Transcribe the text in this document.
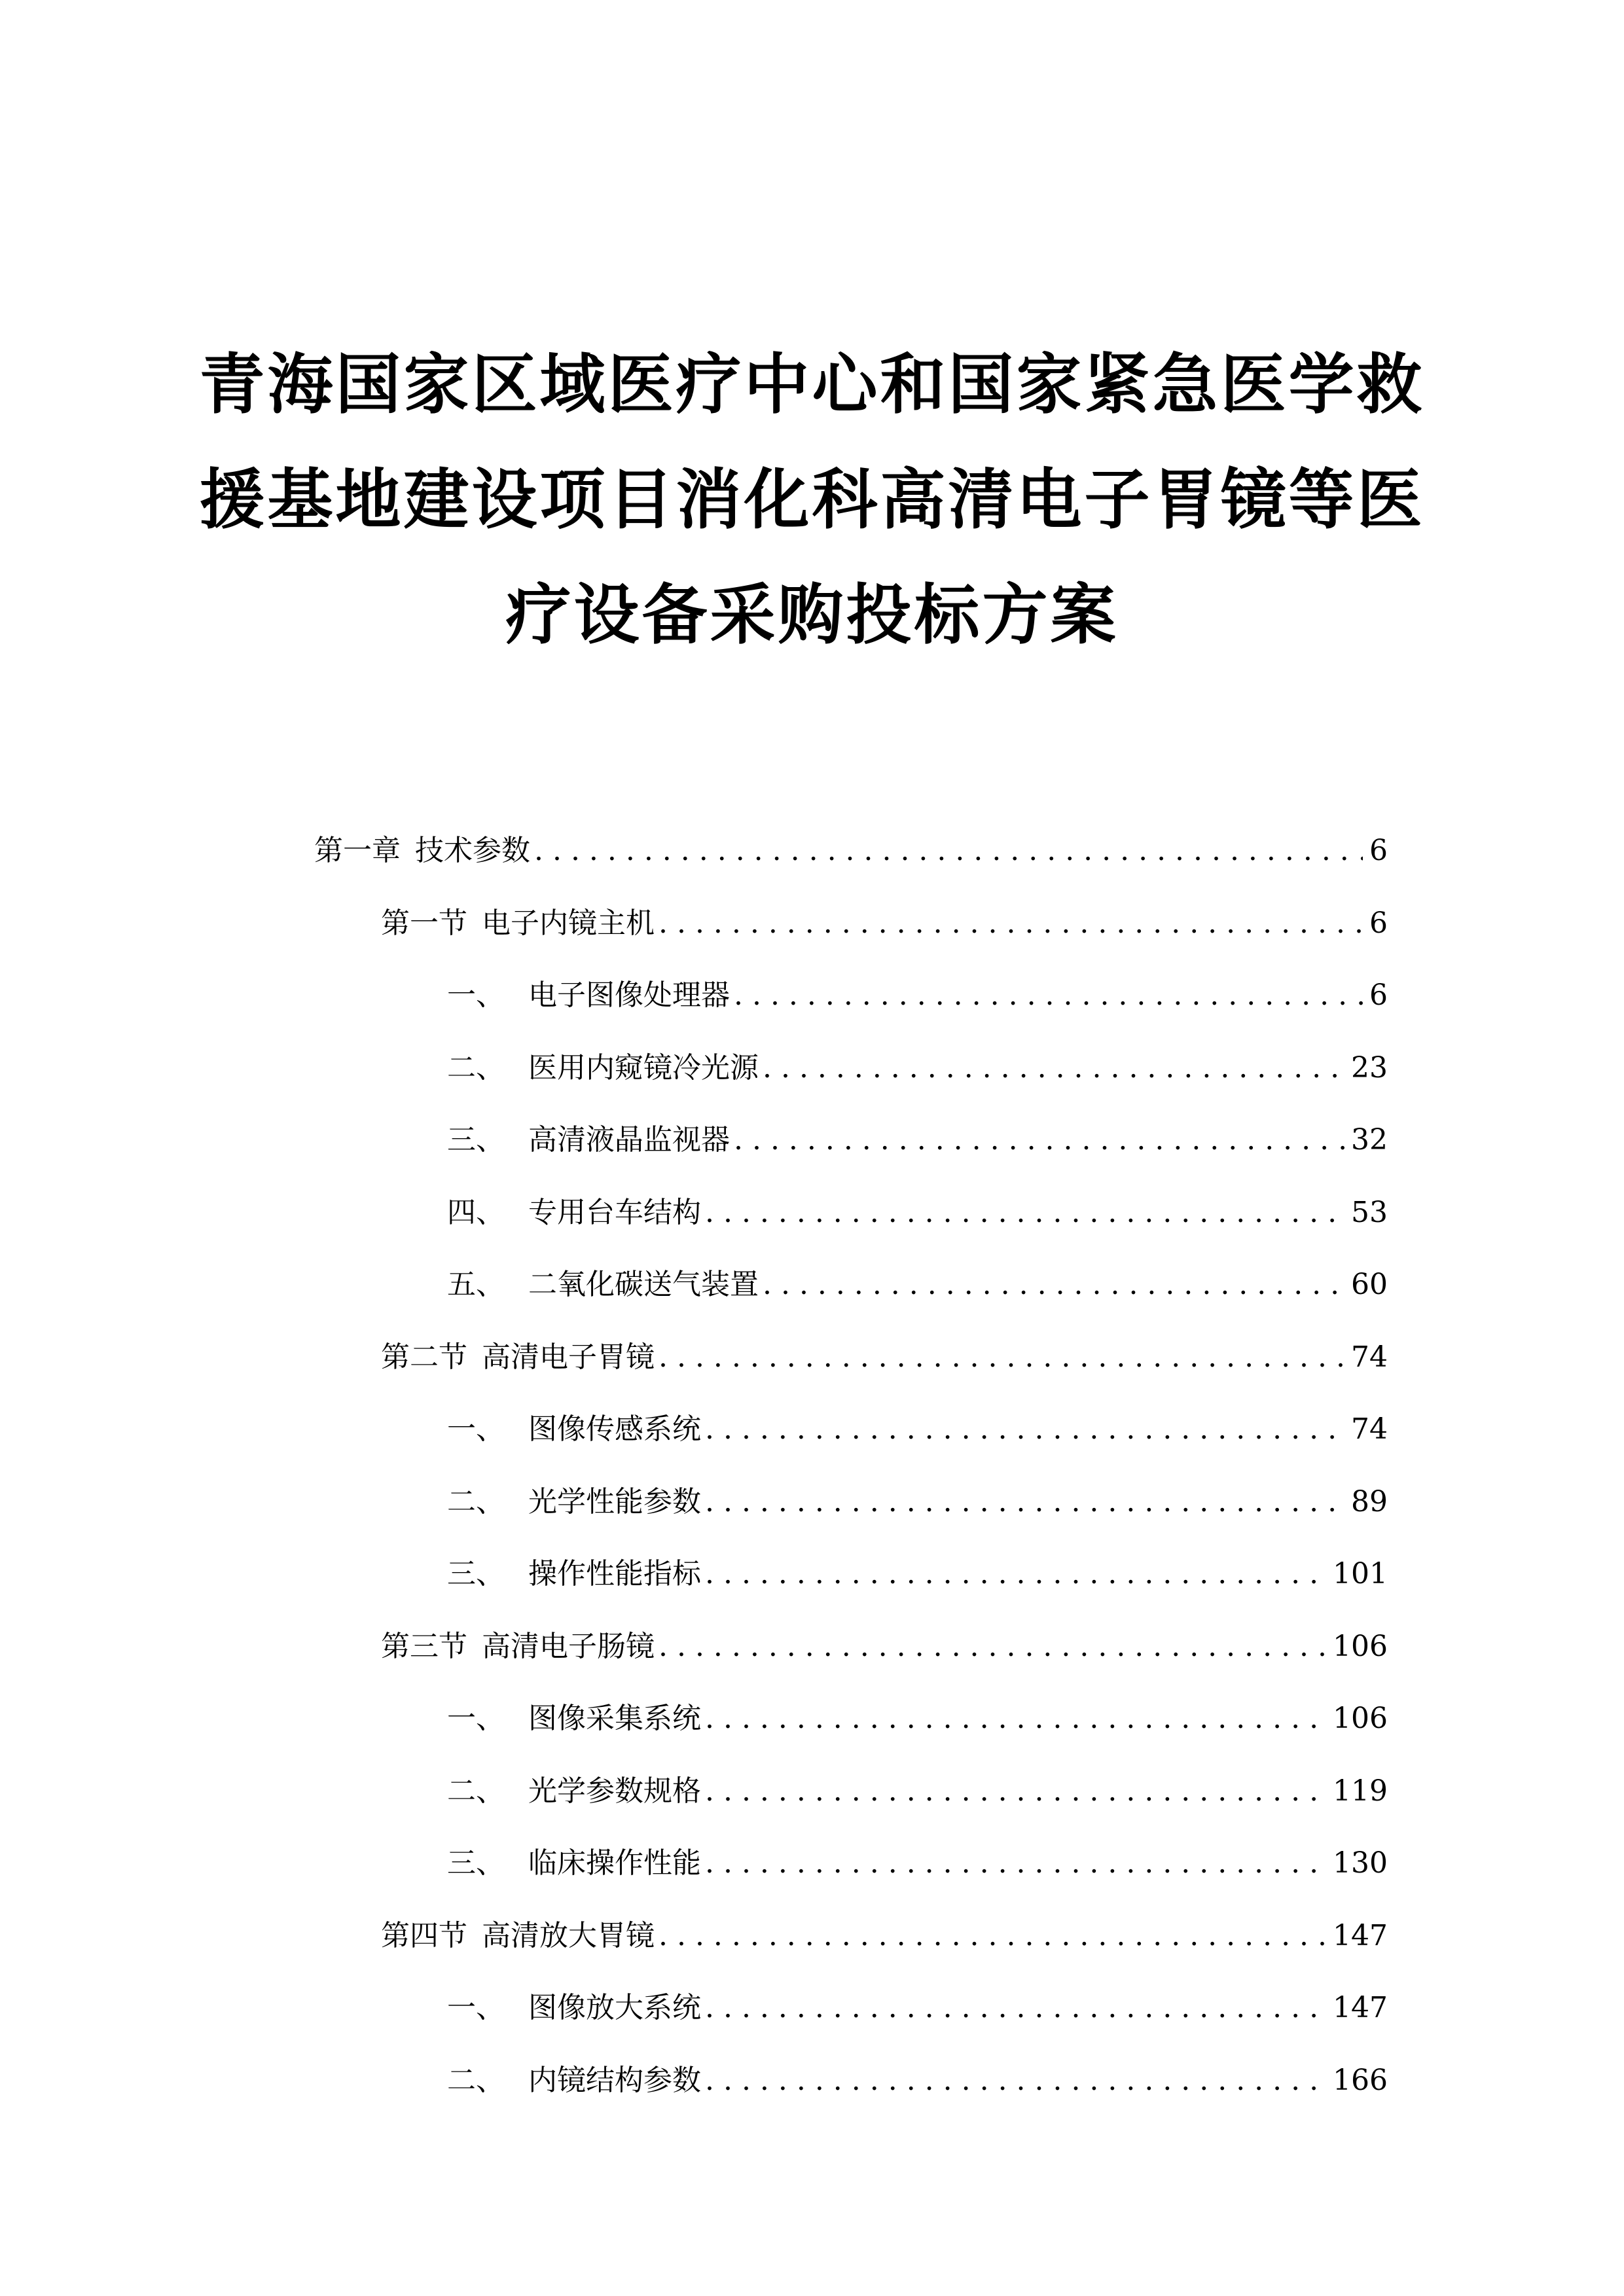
青海国家区域医疗中心和国家紧急医学救
援基地建设项目消化科高清电子胃镜等医
疗设备采购投标方案
第一章 技术参数 . . .	6
第一节 电子内镜主机 . . .	6
一、 电子图像处理器 . . .	6
二、 医用内窥镜冷光源 . . .	23
三、 高清液晶监视器 . . .	32
四、 专用台车结构 . . .	53
五、 二氧化碳送气装置 . . .	60
第二节 高清电子胃镜 . . .	74
一、 图像传感系统 . . .	74
二、 光学性能参数 . . .	89
三、 操作性能指标 . . .	101
第三节 高清电子肠镜 . . .	106
一、 图像采集系统 . . .	106
二、 光学参数规格 . . .	119
三、 临床操作性能 . . .	130
第四节 高清放大胃镜 . . .	147
一、 图像放大系统 . . .	147
二、 内镜结构参数 . . .	166
